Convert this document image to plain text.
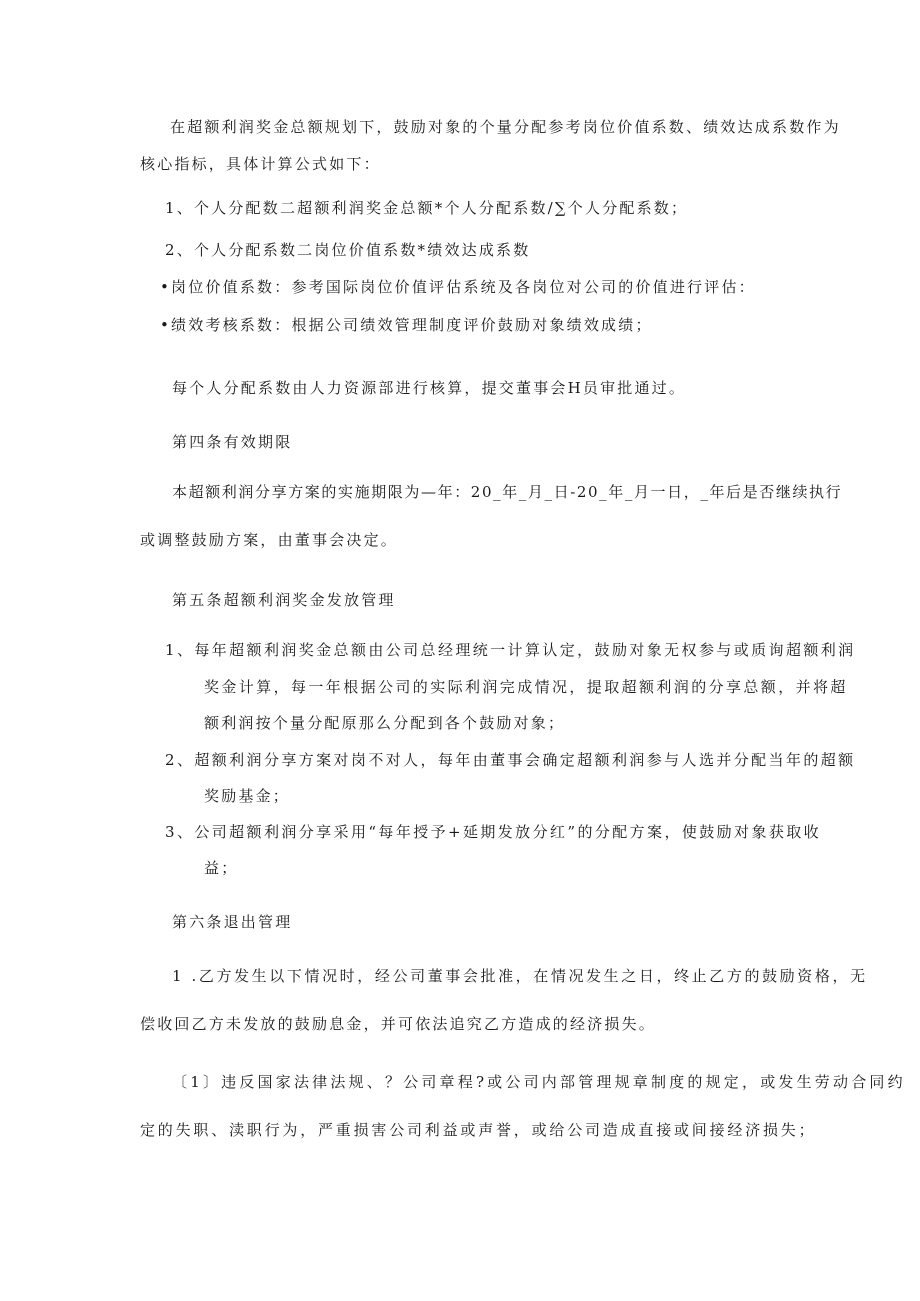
在超额利润奖金总额规划下，鼓励对象的个量分配参考岗位价值系数、绩效达成系数作为
核心指标，具体计算公式如下：
1、个人分配数二超额利润奖金总额*个人分配系数/∑个人分配系数；
2、个人分配系数二岗位价值系数*绩效达成系数
•岗位价值系数：参考国际岗位价值评估系统及各岗位对公司的价值进行评估：
•绩效考核系数：根据公司绩效管理制度评价鼓励对象绩效成绩；
每个人分配系数由人力资源部进行核算，提交董事会H员审批通过。
第四条有效期限
本超额利润分享方案的实施期限为—年：20_年_月_日-20_年_月一日，_年后是否继续执行
或调整鼓励方案，由董事会决定。
第五条超额利润奖金发放管理
1、每年超额利润奖金总额由公司总经理统一计算认定，鼓励对象无权参与或质询超额利润
奖金计算，每一年根据公司的实际利润完成情况，提取超额利润的分享总额，并将超
额利润按个量分配原那么分配到各个鼓励对象；
2、超额利润分享方案对岗不对人，每年由董事会确定超额利润参与人选并分配当年的超额
奖励基金；
3、公司超额利润分享采用“每年授予+延期发放分红”的分配方案，使鼓励对象获取收
益；
第六条退出管理
1 .乙方发生以下情况时，经公司董事会批准，在情况发生之日，终止乙方的鼓励资格，无
偿收回乙方未发放的鼓励息金，并可依法追究乙方造成的经济损失。
〔1〕违反国家法律法规、？公司章程?或公司内部管理规章制度的规定，或发生劳动合同约
定的失职、渎职行为，严重损害公司利益或声誉，或给公司造成直接或间接经济损失；
